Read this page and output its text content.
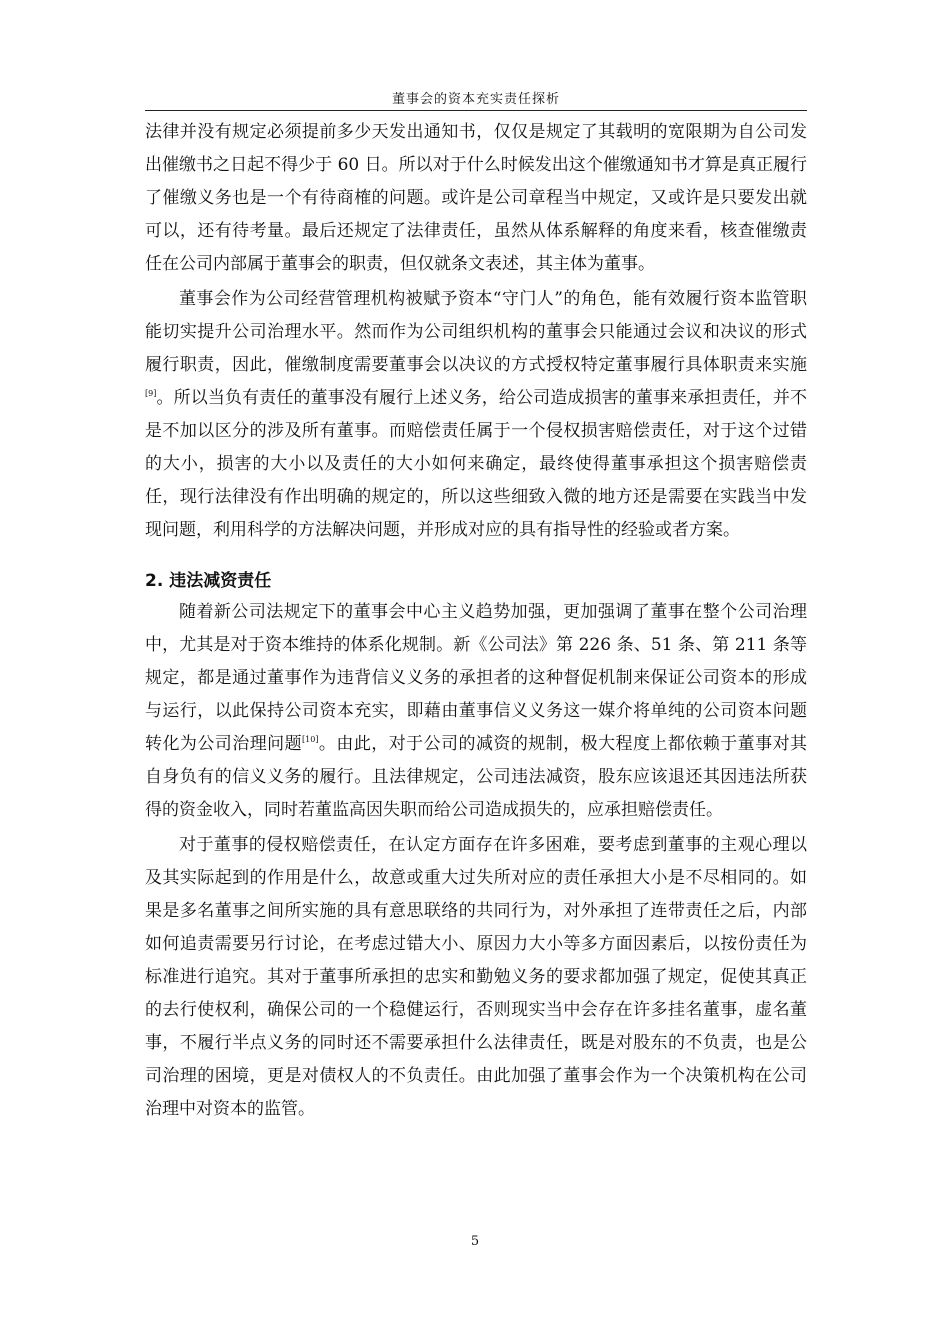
董事会的资本充实责任探析

法律并没有规定必须提前多少天发出通知书，仅仅是规定了其载明的宽限期为自公司发出催缴书之日起不得少于 60 日。所以对于什么时候发出这个催缴通知书才算是真正履行了催缴义务也是一个有待商榷的问题。或许是公司章程当中规定，又或许是只要发出就可以，还有待考量。最后还规定了法律责任，虽然从体系解释的角度来看，核查催缴责任在公司内部属于董事会的职责，但仅就条文表述，其主体为董事。

董事会作为公司经营管理机构被赋予资本“守门人”的角色，能有效履行资本监管职能切实提升公司治理水平。然而作为公司组织机构的董事会只能通过会议和决议的形式履行职责，因此，催缴制度需要董事会以决议的方式授权特定董事履行具体职责来实施[9]。所以当负有责任的董事没有履行上述义务，给公司造成损害的董事来承担责任，并不是不加以区分的涉及所有董事。而赔偿责任属于一个侵权损害赔偿责任，对于这个过错的大小，损害的大小以及责任的大小如何来确定，最终使得董事承担这个损害赔偿责任，现行法律没有作出明确的规定的，所以这些细致入微的地方还是需要在实践当中发现问题，利用科学的方法解决问题，并形成对应的具有指导性的经验或者方案。

2. 违法减资责任

随着新公司法规定下的董事会中心主义趋势加强，更加强调了董事在整个公司治理中，尤其是对于资本维持的体系化规制。新《公司法》第 226 条、51 条、第 211 条等规定，都是通过董事作为违背信义义务的承担者的这种督促机制来保证公司资本的形成与运行，以此保持公司资本充实，即藉由董事信义义务这一媒介将单纯的公司资本问题转化为公司治理问题[10]。由此，对于公司的减资的规制，极大程度上都依赖于董事对其自身负有的信义义务的履行。且法律规定，公司违法减资，股东应该退还其因违法所获得的资金收入，同时若董监高因失职而给公司造成损失的，应承担赔偿责任。

对于董事的侵权赔偿责任，在认定方面存在许多困难，要考虑到董事的主观心理以及其实际起到的作用是什么，故意或重大过失所对应的责任承担大小是不尽相同的。如果是多名董事之间所实施的具有意思联络的共同行为，对外承担了连带责任之后，内部如何追责需要另行讨论，在考虑过错大小、原因力大小等多方面因素后，以按份责任为标准进行追究。其对于董事所承担的忠实和勤勉义务的要求都加强了规定，促使其真正的去行使权利，确保公司的一个稳健运行，否则现实当中会存在许多挂名董事，虚名董事，不履行半点义务的同时还不需要承担什么法律责任，既是对股东的不负责，也是公司治理的困境，更是对债权人的不负责任。由此加强了董事会作为一个决策机构在公司治理中对资本的监管。

5
